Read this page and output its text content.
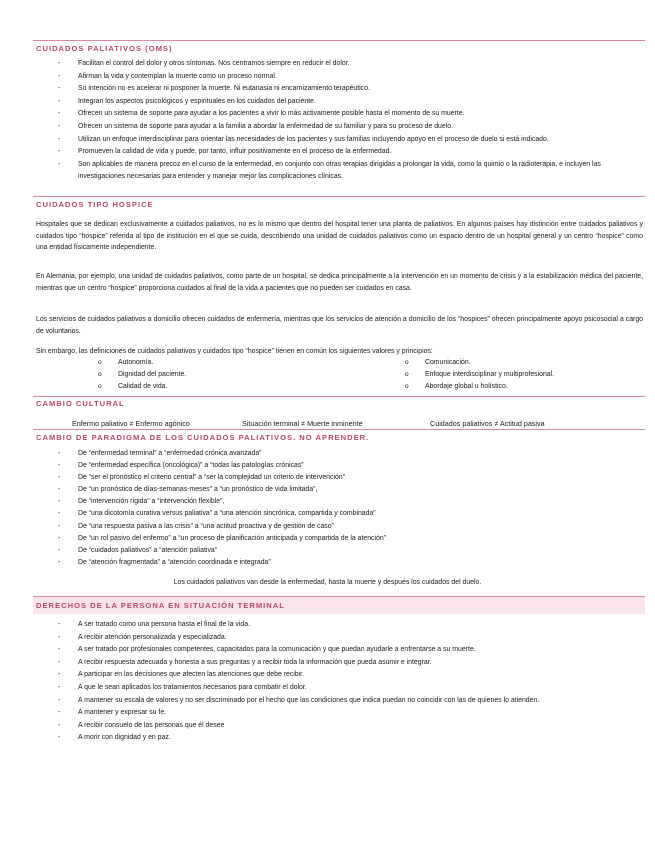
CUIDADOS PALIATIVOS (OMS)
- Facilitan el control del dolor y otros síntomas. Nos centramos siempre en reducir el dolor.
- Afirman la vida y contemplan la muerte como un proceso normal.
- Su intención no es acelerar ni posponer la muerte. Ni eutanasia ni encarnizamiento terapéutico.
- Integran los aspectos psicológicos y espirituales en los cuidados del paciente.
- Ofrecen un sistema de soporte para ayudar a los pacientes a vivir lo más activamente posible hasta el momento de su muerte.
- Ofrecen un sistema de soporte para ayudar a la familia a abordar la enfermedad de su familiar y para su proceso de duelo.
- Utilizan un enfoque interdisciplinar para orientar las necesidades de los pacientes y sus familias incluyendo apoyo en el proceso de duelo si está indicado.
- Promueven la calidad de vida y puede, por tanto, influir positivamente en el proceso de la enfermedad.
- Son aplicables de manera precoz en el curso de la enfermedad, en conjunto con otras terapias dirigidas a prolongar la vida, como la quimio o la radioterapia, e incluyen las investigaciones necesarias para entender y manejar mejor las complicaciones clínicas.
CUIDADOS TIPO HOSPICE

Hospitales que se dedican exclusivamente a cuidados paliativos, no es lo mismo que dentro del hospital tener una planta de paliativos. En algunos países hay distinción entre cuidados paliativos y cuidados tipo “hospice” referida al tipo de institución en el que se cuida, describiendo una unidad de cuidados paliativos como un espacio dentro de un hospital general y un centro “hospice” como una entidad físicamente independiente.

En Alemania, por ejemplo, una unidad de cuidados paliativos, como parte de un hospital, se dedica principalmente a la intervención en un momento de crisis y a la estabilización médica del paciente, mientras que un centro “hospice” proporciona cuidados al final de la vida a pacientes que no pueden ser cuidados en casa.

Los servicios de cuidados paliativos a domicilio ofrecen cuidados de enfermería, mientras que los servicios de atención a domicilio de los “hospices” ofrecen principalmente apoyo psicosocial a cargo de voluntarios.

Sin embargo, las definiciones de cuidados paliativos y cuidados tipo “hospice” tienen en común los siguientes valores y principios:

o Autonomía.
o Dignidad del paciente.
o Calidad de vida.
o Comunicación.
o Enfoque interdisciplinar y multiprofesional.
o Abordaje global u holístico.
CAMBIO CULTURAL
Enfermo paliativo ≠ Enfermo agónico	Situación terminal ≠ Muerte inminente	Cuidados paliativos ≠ Actitud pasiva
CAMBIO DE PARADIGMA DE LOS CUIDADOS PALIATIVOS. NO APRENDER.
- De “enfermedad terminal” a “enfermedad crónica avanzada”
- De “enfermedad específica (oncológica)” a “todas las patologías crónicas”
- De “ser el pronóstico el criterio central” a “ser la complejidad un criterio de intervención”
- De “un pronóstico de días-semanas-meses” a “un pronóstico de vida limitada”,
- De “intervención rígida” a “intervención flexible”,
- De “una dicotomía curativa versus paliativa” a “una atención sincrónica, compartida y combinada”
- De “una respuesta pasiva a las crisis” a “una actitud proactiva y de gestión de caso”
- De “un rol pasivo del enfermo” a “un proceso de planificación anticipada y compartida de la atención”
- De “cuidados paliativos” a “atención paliativa”
- De “atención fragmentada” a “atención coordinada e integrada”
Los cuidados paliativos van desde la enfermedad, hasta la muerte y después los cuidados del duelo.
DERECHOS DE LA PERSONA EN SITUACIÓN TERMINAL
- A ser tratado como una persona hasta el final de la vida.
- A recibir atención personalizada y especializada.
- A ser tratado por profesionales competentes, capacitados para la comunicación y que puedan ayudarle a enfrentarse a su muerte.
- A recibir respuesta adecuada y honesta a sus preguntas y a recibir toda la información que pueda asumir e integrar.
- A participar en las decisiones que afecten las atenciones que debe recibir.
- A que le sean aplicados los tratamientos necesarios para combatir el dolor.
- A mantener su escala de valores y no ser discriminado por el hecho que las condiciones que indica puedan no coincidir con las de quienes lo atienden.
- A mantener y expresar su fe.
- A recibir consuelo de las personas que él desee
- A morir con dignidad y en paz.
